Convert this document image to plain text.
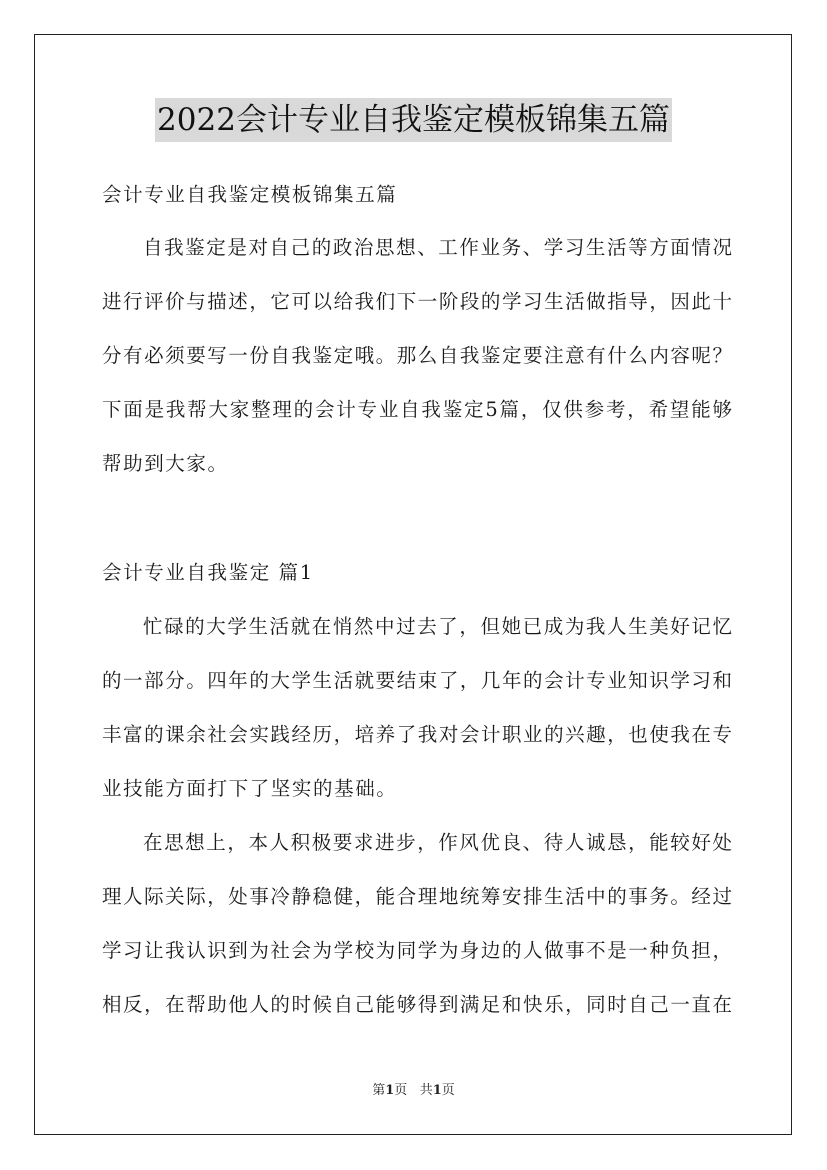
2022会计专业自我鉴定模板锦集五篇
会计专业自我鉴定模板锦集五篇
自我鉴定是对自己的政治思想、工作业务、学习生活等方面情况
进行评价与描述，它可以给我们下一阶段的学习生活做指导，因此十
分有必须要写一份自我鉴定哦。那么自我鉴定要注意有什么内容呢？
下面是我帮大家整理的会计专业自我鉴定5篇，仅供参考，希望能够
帮助到大家。
会计专业自我鉴定 篇1
忙碌的大学生活就在悄然中过去了，但她已成为我人生美好记忆
的一部分。四年的大学生活就要结束了，几年的会计专业知识学习和
丰富的课余社会实践经历，培养了我对会计职业的兴趣，也使我在专
业技能方面打下了坚实的基础。
在思想上，本人积极要求进步，作风优良、待人诚恳，能较好处
理人际关际，处事冷静稳健，能合理地统筹安排生活中的事务。经过
学习让我认识到为社会为学校为同学为身边的人做事不是一种负担，
相反，在帮助他人的时候自己能够得到满足和快乐，同时自己一直在
第1页 共1页
